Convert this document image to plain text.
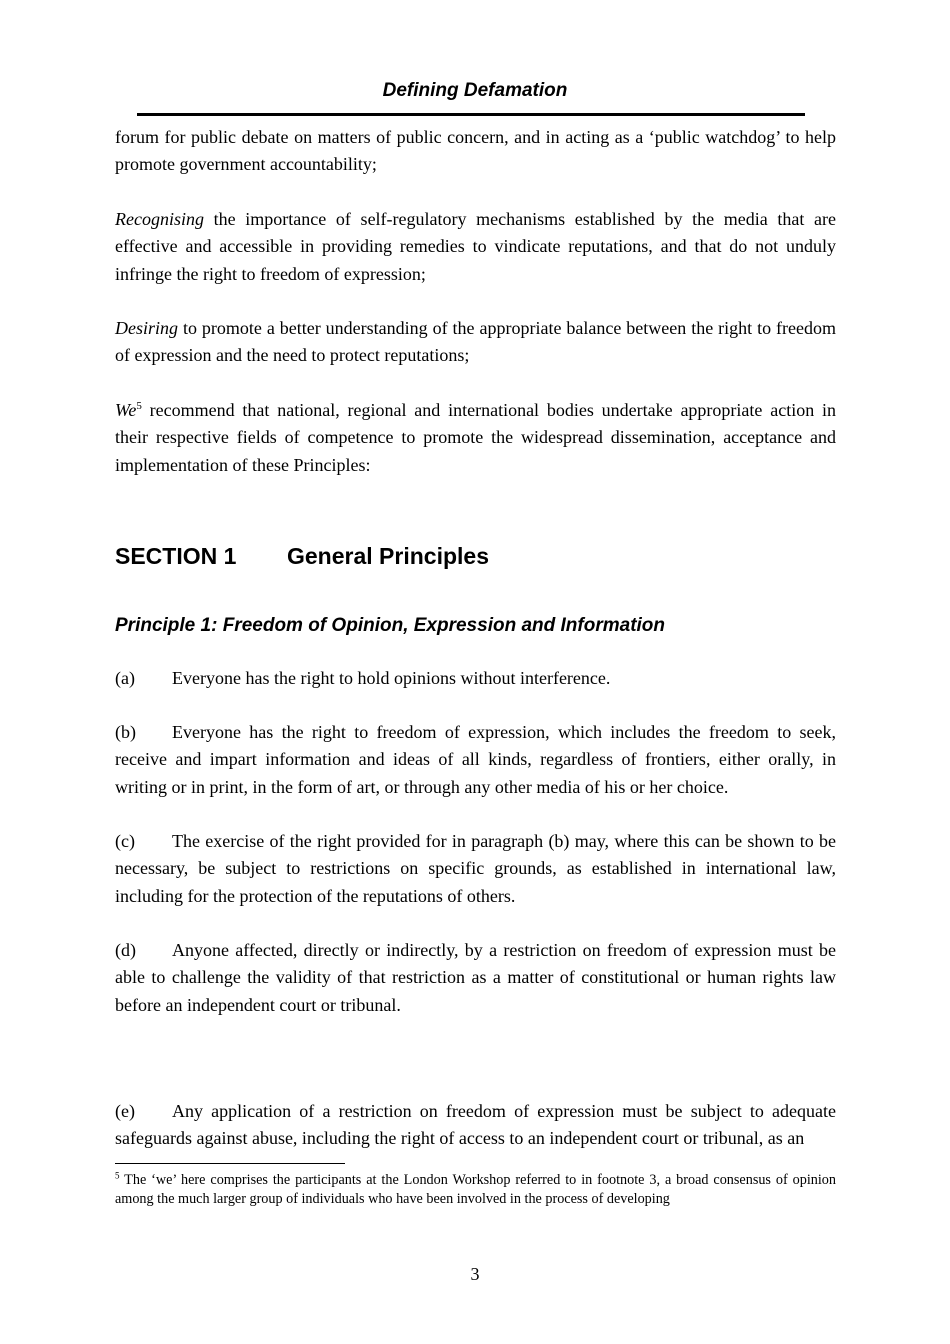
Defining Defamation

forum for public debate on matters of public concern, and in acting as a ‘public watchdog’ to help promote government accountability;

Recognising the importance of self-regulatory mechanisms established by the media that are effective and accessible in providing remedies to vindicate reputations, and that do not unduly infringe the right to freedom of expression;

Desiring to promote a better understanding of the appropriate balance between the right to freedom of expression and the need to protect reputations;

We$^5$ recommend that national, regional and international bodies undertake appropriate action in their respective fields of competence to promote the widespread dissemination, acceptance and implementation of these Principles:

SECTION 1 General Principles
Principle 1: Freedom of Opinion, Expression and Information

(a) Everyone has the right to hold opinions without interference.

(b) Everyone has the right to freedom of expression, which includes the freedom to seek, receive and impart information and ideas of all kinds, regardless of frontiers, either orally, in writing or in print, in the form of art, or through any other media of his or her choice.

(c) The exercise of the right provided for in paragraph (b) may, where this can be shown to be necessary, be subject to restrictions on specific grounds, as established in international law, including for the protection of the reputations of others.

(d) Anyone affected, directly or indirectly, by a restriction on freedom of expression must be able to challenge the validity of that restriction as a matter of constitutional or human rights law before an independent court or tribunal.

(e) Any application of a restriction on freedom of expression must be subject to adequate safeguards against abuse, including the right of access to an independent court or tribunal, as an

$^5$ The ‘we’ here comprises the participants at the London Workshop referred to in footnote 3, a broad consensus of opinion among the much larger group of individuals who have been involved in the process of developing

3
